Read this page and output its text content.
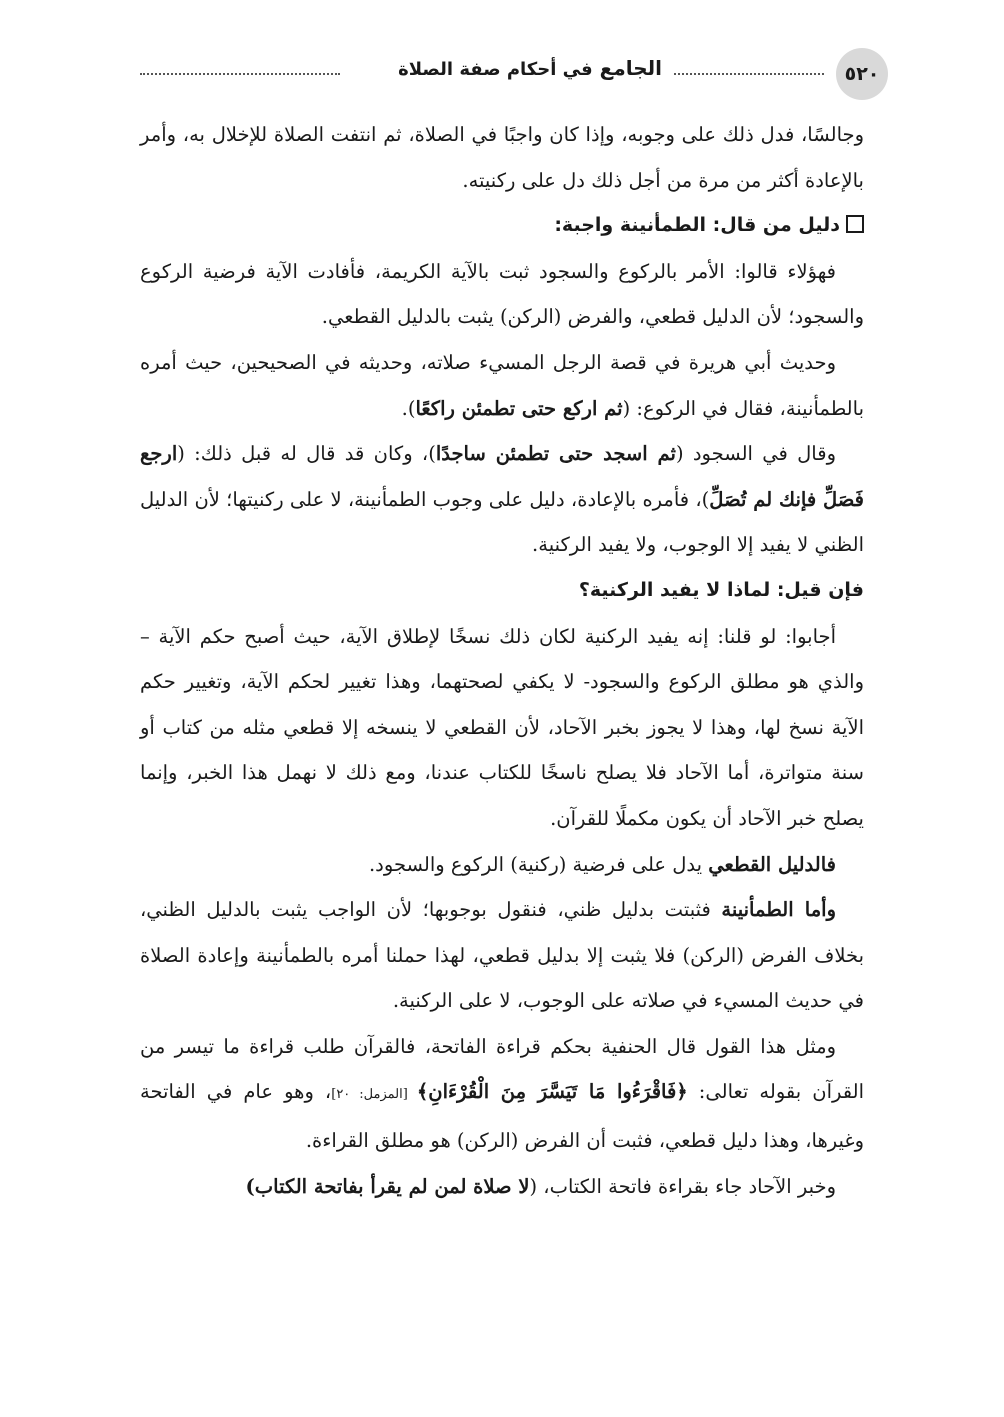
٥٢٠
الجامع في أحكام صفة الصلاة

وجالسًا، فدل ذلك على وجوبه، وإذا كان واجبًا في الصلاة، ثم انتفت الصلاة للإخلال به، وأمر بالإعادة أكثر من مرة من أجل ذلك دل على ركنيته.

دليل من قال: الطمأنينة واجبة:

فهؤلاء قالوا: الأمر بالركوع والسجود ثبت بالآية الكريمة، فأفادت الآية فرضية الركوع والسجود؛ لأن الدليل قطعي، والفرض (الركن) يثبت بالدليل القطعي.

وحديث أبي هريرة في قصة الرجل المسيء صلاته، وحديثه في الصحيحين، حيث أمره بالطمأنينة، فقال في الركوع: (ثم اركع حتى تطمئن راكعًا).

وقال في السجود (ثم اسجد حتى تطمئن ساجدًا)، وكان قد قال له قبل ذلك: (ارجع فَصَلِّ فإنك لم تُصَلِّ)، فأمره بالإعادة، دليل على وجوب الطمأنينة، لا على ركنيتها؛ لأن الدليل الظني لا يفيد إلا الوجوب، ولا يفيد الركنية.

فإن قيل: لماذا لا يفيد الركنية؟

أجابوا: لو قلنا: إنه يفيد الركنية لكان ذلك نسخًا لإطلاق الآية، حيث أصبح حكم الآية –والذي هو مطلق الركوع والسجود- لا يكفي لصحتهما، وهذا تغيير لحكم الآية، وتغيير حكم الآية نسخ لها، وهذا لا يجوز بخبر الآحاد، لأن القطعي لا ينسخه إلا قطعي مثله من كتاب أو سنة متواترة، أما الآحاد فلا يصلح ناسخًا للكتاب عندنا، ومع ذلك لا نهمل هذا الخبر، وإنما يصلح خبر الآحاد أن يكون مكملًا للقرآن.

فالدليل القطعي يدل على فرضية (ركنية) الركوع والسجود.

وأما الطمأنينة فثبتت بدليل ظني، فنقول بوجوبها؛ لأن الواجب يثبت بالدليل الظني، بخلاف الفرض (الركن) فلا يثبت إلا بدليل قطعي، لهذا حملنا أمره بالطمأنينة وإعادة الصلاة في حديث المسيء في صلاته على الوجوب، لا على الركنية.

ومثل هذا القول قال الحنفية بحكم قراءة الفاتحة، فالقرآن طلب قراءة ما تيسر من القرآن بقوله تعالى: ﴿فَاقْرَءُوا مَا تَيَسَّرَ مِنَ الْقُرْءَانِ﴾ [المزمل: ٢٠]، وهو عام في الفاتحة وغيرها، وهذا دليل قطعي، فثبت أن الفرض (الركن) هو مطلق القراءة.

وخبر الآحاد جاء بقراءة فاتحة الكتاب، (لا صلاة لمن لم يقرأ بفاتحة الكتاب)
